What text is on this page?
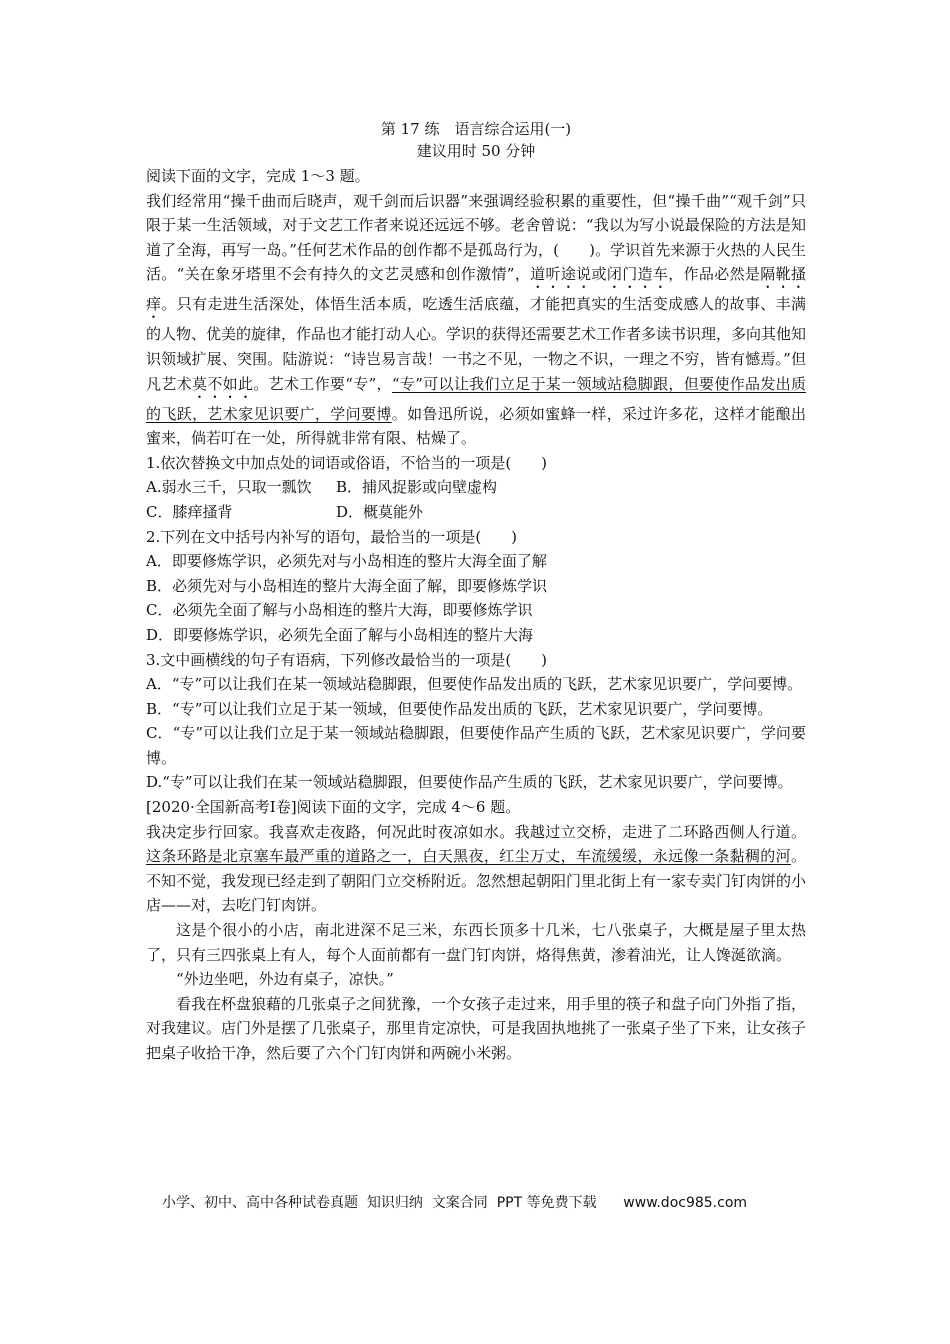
第 17 练　语言综合运用(一)
建议用时 50 分钟

阅读下面的文字，完成 1～3 题。

我们经常用“操千曲而后晓声，观千剑而后识器”来强调经验积累的重要性，但“操千曲”“观千剑”只限于某一生活领域，对于文艺工作者来说还远远不够。老舍曾说：“我以为写小说最保险的方法是知道了全海，再写一岛。”任何艺术作品的创作都不是孤岛行为，(　　)。学识首先来源于火热的人民生活。“关在象牙塔里不会有持久的文艺灵感和创作激情”，道听途说或闭门造车，作品必然是隔靴搔痒。只有走进生活深处，体悟生活本质，吃透生活底蕴，才能把真实的生活变成感人的故事、丰满的人物、优美的旋律，作品也才能打动人心。学识的获得还需要艺术工作者多读书识理，多向其他知识领域扩展、突围。陆游说：“诗岂易言哉！一书之不见，一物之不识，一理之不穷，皆有憾焉。”但凡艺术莫不如此。艺术工作要“专”，“专”可以让我们立足于某一领域站稳脚跟，但要使作品发出质的飞跃，艺术家见识要广，学问要博。如鲁迅所说，必须如蜜蜂一样，采过许多花，这样才能酿出蜜来，倘若叮在一处，所得就非常有限、枯燥了。

1.依次替换文中加点处的词语或俗语，不恰当的一项是(　　)

A.弱水三千，只取一瓢饮	B．捕风捉影或向壁虚构
C．膝痒搔背	D．概莫能外

2.下列在文中括号内补写的语句，最恰当的一项是(　　)

A．即要修炼学识，必须先对与小岛相连的整片大海全面了解

B．必须先对与小岛相连的整片大海全面了解，即要修炼学识

C．必须先全面了解与小岛相连的整片大海，即要修炼学识

D．即要修炼学识，必须先全面了解与小岛相连的整片大海

3.文中画横线的句子有语病，下列修改最恰当的一项是(　　)

A．“专”可以让我们在某一领域站稳脚跟，但要使作品发出质的飞跃，艺术家见识要广，学问要博。

B．“专”可以让我们立足于某一领域，但要使作品发出质的飞跃，艺术家见识要广，学问要博。

C．“专”可以让我们立足于某一领域站稳脚跟，但要使作品产生质的飞跃，艺术家见识要广，学问要博。

D.“专”可以让我们在某一领域站稳脚跟，但要使作品产生质的飞跃，艺术家见识要广，学问要博。

[2020·全国新高考Ⅰ卷]阅读下面的文字，完成 4～6 题。

我决定步行回家。我喜欢走夜路，何况此时夜凉如水。我越过立交桥，走进了二环路西侧人行道。这条环路是北京塞车最严重的道路之一，白天黑夜，红尘万丈，车流缓缓，永远像一条黏稠的河。不知不觉，我发现已经走到了朝阳门立交桥附近。忽然想起朝阳门里北街上有一家专卖门钉肉饼的小店——对，去吃门钉肉饼。

这是个很小的小店，南北进深不足三米，东西长顶多十几米，七八张桌子，大概是屋子里太热了，只有三四张桌上有人，每个人面前都有一盘门钉肉饼，烙得焦黄，渗着油光，让人馋涎欲滴。

“外边坐吧，外边有桌子，凉快。”

看我在杯盘狼藉的几张桌子之间犹豫，一个女孩子走过来，用手里的筷子和盘子向门外指了指，对我建议。店门外是摆了几张桌子，那里肯定凉快，可是我固执地挑了一张桌子坐了下来，让女孩子把桌子收拾干净，然后要了六个门钉肉饼和两碗小米粥。

小学、初中、高中各种试卷真题  知识归纳  文案合同  PPT 等免费下载      www.doc985.com
